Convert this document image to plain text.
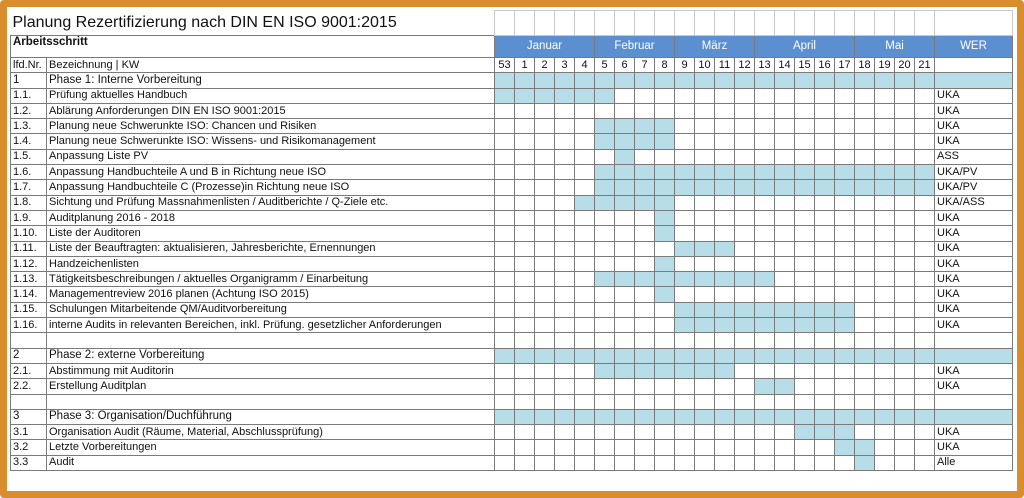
Planung Rezertifizierung nach DIN EN ISO 9001:2015																								
Arbeitsschritt		Januar					Februar				März				April					Mai				WER
lfd.Nr.	Bezeichnung | KW	53	1	2	3	4	5	6	7	8	9	10	11	12	13	14	15	16	17	18	19	20	21	
1	Phase 1: Interne Vorbereitung																							
1.1.	Prüfung aktuelles Handbuch																							UKA
1.2.	Ablärung Anforderungen DIN EN ISO 9001:2015																							UKA
1.3.	Planung neue Schwerunkte ISO: Chancen und Risiken																							UKA
1.4.	Planung neue Schwerunkte ISO: Wissens- und Risikomanagement																							UKA
1.5.	Anpassung Liste PV																							ASS
1.6.	Anpassung Handbuchteile A und B in Richtung neue ISO																							UKA/PV
1.7.	Anpassung Handbuchteile C (Prozesse)in Richtung neue ISO																							UKA/PV
1.8.	Sichtung und Prüfung Massnahmenlisten / Auditberichte / Q-Ziele etc.																							UKA/ASS
1.9.	Auditplanung 2016 - 2018																							UKA
1.10.	Liste der Auditoren																							UKA
1.11.	Liste der Beauftragten: aktualisieren, Jahresberichte, Ernennungen																							UKA
1.12.	Handzeichenlisten																							UKA
1.13.	Tätigkeitsbeschreibungen / aktuelles Organigramm / Einarbeitung																							UKA
1.14.	Managementreview 2016 planen (Achtung ISO 2015)																							UKA
1.15.	Schulungen Mitarbeitende QM/Auditvorbereitung																							UKA
1.16.	interne Audits in relevanten Bereichen, inkl. Prüfung. gesetzlicher Anforderungen																							UKA

2	Phase 2: externe Vorbereitung																							
2.1.	Abstimmung mit Auditorin																							UKA
2.2.	Erstellung Auditplan																							UKA

3	Phase 3: Organisation/Duchführung																							
3.1	Organisation Audit (Räume, Material, Abschlussprüfung)																							UKA
3.2	Letzte Vorbereitungen																							UKA
3.3	Audit																							Alle
